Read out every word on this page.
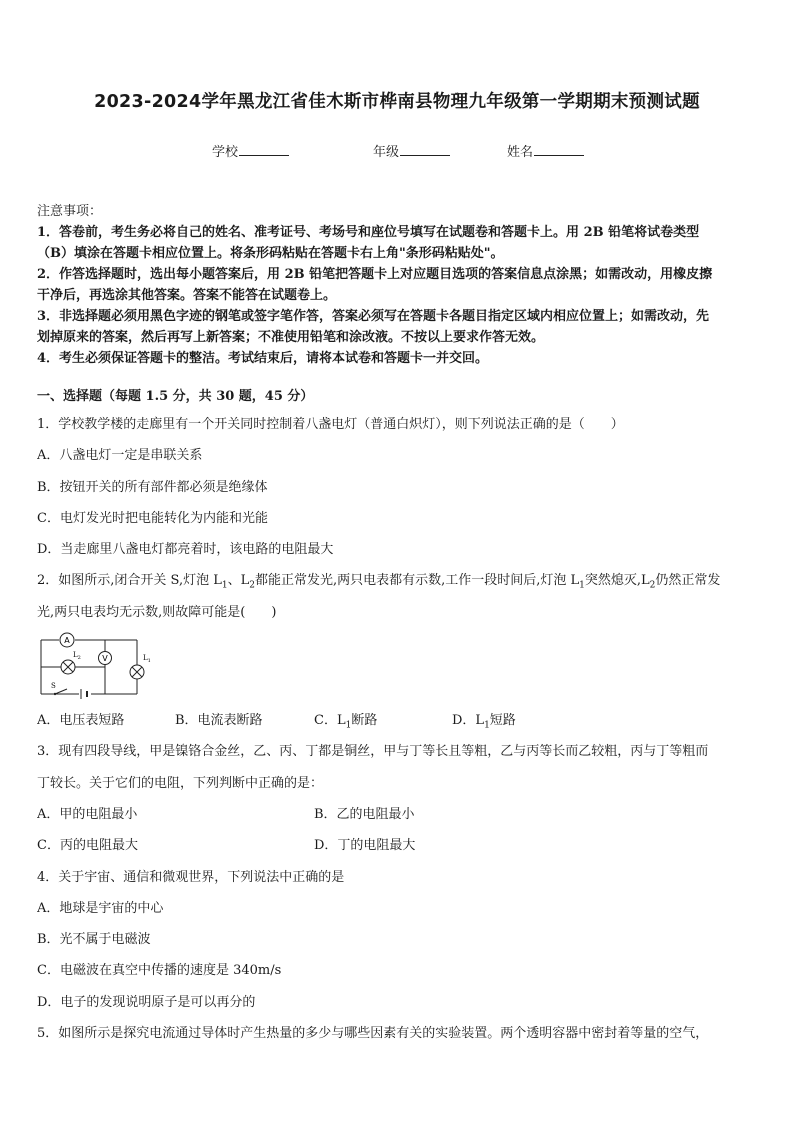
2023-2024学年黑龙江省佳木斯市桦南县物理九年级第一学期期末预测试题
学校	年级	姓名
注意事项：
1．答卷前，考生务必将自己的姓名、准考证号、考场号和座位号填写在试题卷和答题卡上。用 2B 铅笔将试卷类型
（B）填涂在答题卡相应位置上。将条形码粘贴在答题卡右上角"条形码粘贴处"。
2．作答选择题时，选出每小题答案后，用 2B 铅笔把答题卡上对应题目选项的答案信息点涂黑；如需改动，用橡皮擦
干净后，再选涂其他答案。答案不能答在试题卷上。
3．非选择题必须用黑色字迹的钢笔或签字笔作答，答案必须写在答题卡各题目指定区域内相应位置上；如需改动，先
划掉原来的答案，然后再写上新答案；不准使用铅笔和涂改液。不按以上要求作答无效。
4．考生必须保证答题卡的整洁。考试结束后，请将本试卷和答题卡一并交回。
一、选择题（每题 1.5 分，共 30 题，45 分）
1．学校教学楼的走廊里有一个开关同时控制着八盏电灯（普通白炽灯），则下列说法正确的是（　　）
A．八盏电灯一定是串联关系
B．按钮开关的所有部件都必须是绝缘体
C．电灯发光时把电能转化为内能和光能
D．当走廊里八盏电灯都亮着时，该电路的电阻最大
2．如图所示,闭合开关 S,灯泡 $L_1$、$L_2$都能正常发光,两只电表都有示数,工作一段时间后,灯泡 $L_1$突然熄灭$,L_2$仍然正常发
光,两只电表均无示数,则故障可能是(　　)
A
$L_2$	V	$L_1$
S
A．电压表短路	B．电流表断路	C．$L_1$断路	D．$L_1$短路
3．现有四段导线，甲是镍铬合金丝，乙、丙、丁都是铜丝，甲与丁等长且等粗，乙与丙等长而乙较粗，丙与丁等粗而
丁较长。关于它们的电阻，下列判断中正确的是：
A．甲的电阻最小	B．乙的电阻最小
C．丙的电阻最大	D．丁的电阻最大
4．关于宇宙、通信和微观世界，下列说法中正确的是
A．地球是宇宙的中心
B．光不属于电磁波
C．电磁波在真空中传播的速度是 340m/s
D．电子的发现说明原子是可以再分的
5．如图所示是探究电流通过导体时产生热量的多少与哪些因素有关的实验装置。两个透明容器中密封着等量的空气，
